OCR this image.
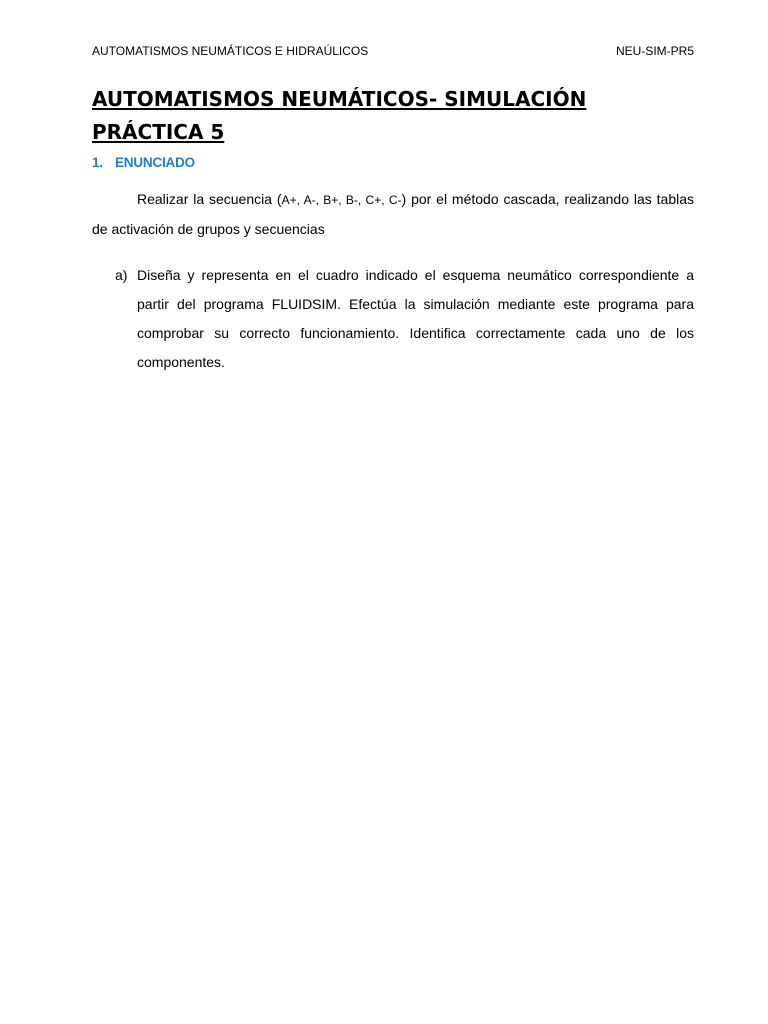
AUTOMATISMOS NEUMÁTICOS E HIDRAÚLICOS	NEU-SIM-PR5
AUTOMATISMOS NEUMÁTICOS- SIMULACIÓN PRÁCTICA 5
1. ENUNCIADO

Realizar la secuencia (A+, A-, B+, B-, C+, C-) por el método cascada, realizando las tablas de activación de grupos y secuencias

a) Diseña y representa en el cuadro indicado el esquema neumático correspondiente a partir del programa FLUIDSIM. Efectúa la simulación mediante este programa para comprobar su correcto funcionamiento. Identifica correctamente cada uno de los componentes.
